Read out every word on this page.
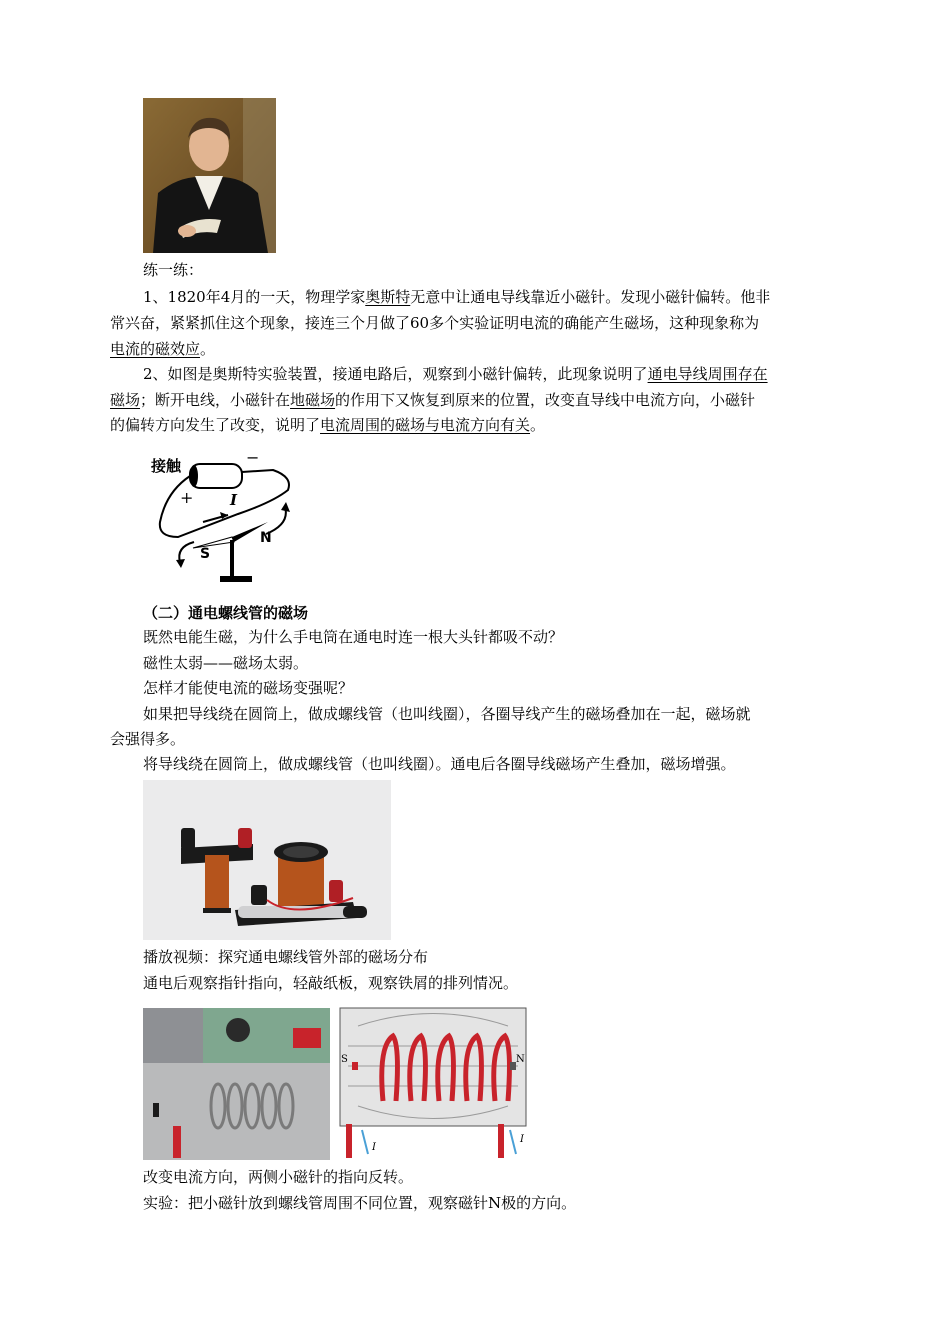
练一练：
1、1820年4月的一天，物理学家奥斯特无意中让通电导线靠近小磁针。发现小磁针偏转。他非
常兴奋，紧紧抓住这个现象，接连三个月做了60多个实验证明电流的确能产生磁场，这种现象称为
电流的磁效应。
2、如图是奥斯特实验装置，接通电路后，观察到小磁针偏转，此现象说明了通电导线周围存在
磁场；断开电线，小磁针在地磁场的作用下又恢复到原来的位置，改变直导线中电流方向，小磁针
的偏转方向发生了改变，说明了电流周围的磁场与电流方向有关。
接触	−
+ I
S
N
（二）通电螺线管的磁场
既然电能生磁，为什么手电筒在通电时连一根大头针都吸不动？
磁性太弱——磁场太弱。
怎样才能使电流的磁场变强呢？
如果把导线绕在圆筒上，做成螺线管（也叫线圈），各圈导线产生的磁场叠加在一起，磁场就
会强得多。
将导线绕在圆筒上，做成螺线管（也叫线圈）。通电后各圈导线磁场产生叠加，磁场增强。
播放视频：探究通电螺线管外部的磁场分布
通电后观察指针指向，轻敲纸板，观察铁屑的排列情况。
S	N
I
I
改变电流方向，两侧小磁针的指向反转。
实验：把小磁针放到螺线管周围不同位置，观察磁针N极的方向。
